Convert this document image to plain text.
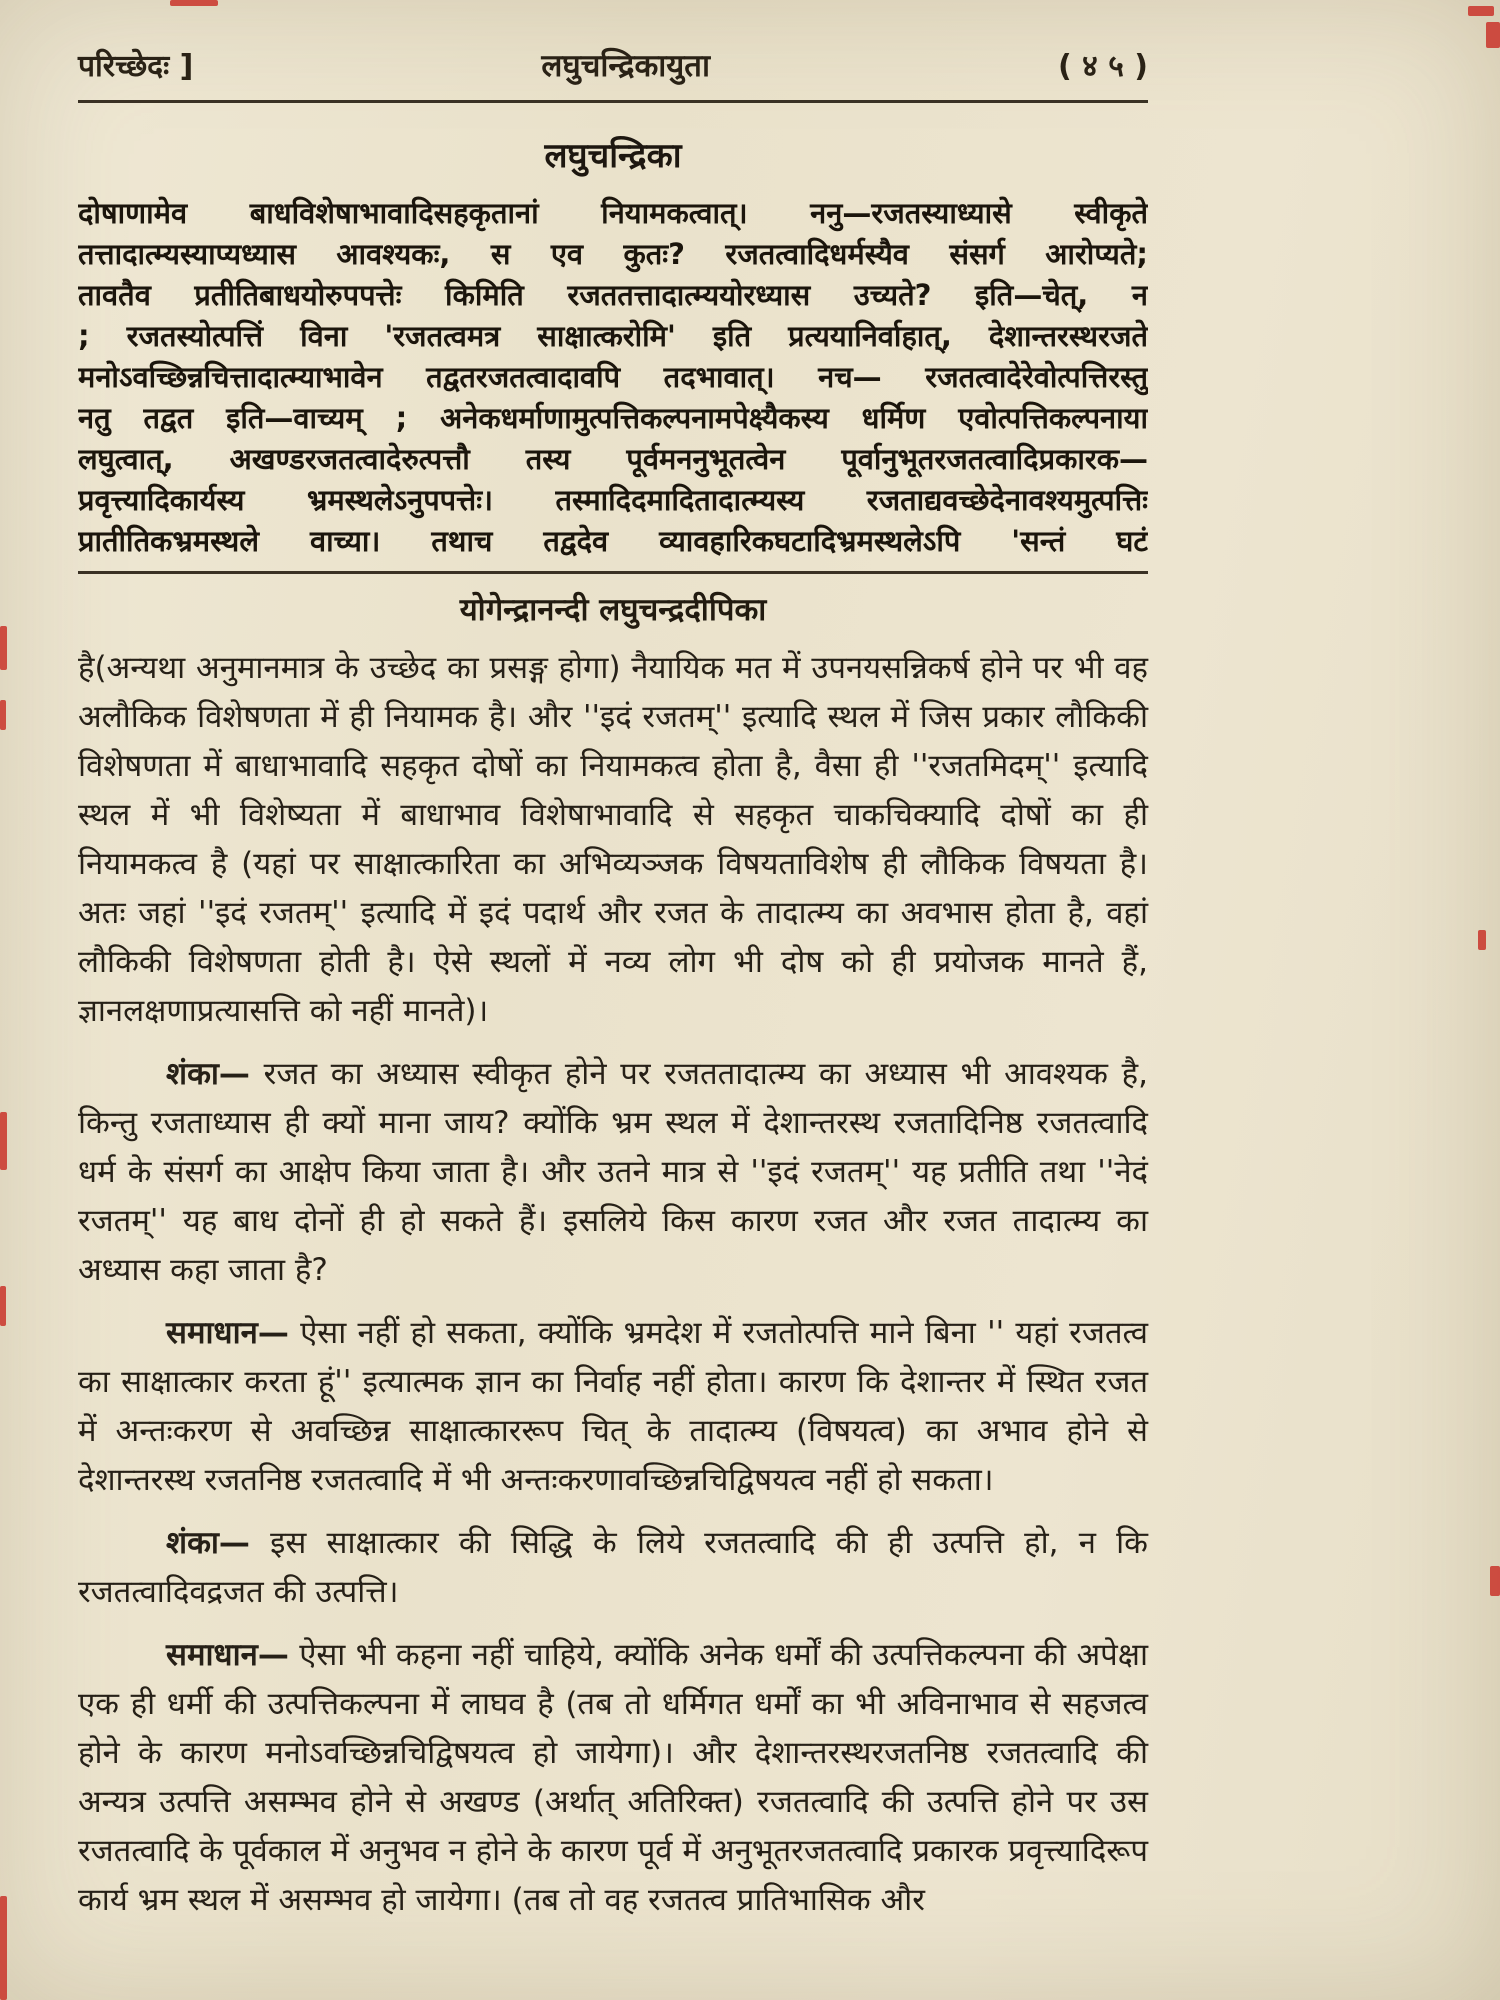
परिच्छेदः ]	लघुचन्द्रिकायुता	( ४ ५ )
लघुचन्द्रिका
दोषाणामेव बाधविशेषाभावादिसहकृतानां नियामकत्वात्। ननु—रजतस्याध्यासे स्वीकृते
तत्तादात्म्यस्याप्यध्यास आवश्यकः, स एव कुतः? रजतत्वादिधर्मस्यैव संसर्ग आरोप्यते;
तावतैव प्रतीतिबाधयोरुपपत्तेः किमिति रजततत्तादात्म्ययोरध्यास उच्यते? इति—चेत्, न
; रजतस्योत्पत्तिं विना 'रजतत्वमत्र साक्षात्करोमि' इति प्रत्ययानिर्वाहात्, देशान्तरस्थरजते
मनोऽवच्छिन्नचित्तादात्म्याभावेन तद्वतरजतत्वादावपि तदभावात्। नच— रजतत्वादेरेवोत्पत्तिरस्तु
नतु तद्वत इति—वाच्यम् ; अनेकधर्माणामुत्पत्तिकल्पनामपेक्ष्यैकस्य धर्मिण एवोत्पत्तिकल्पनाया
लघुत्वात्, अखण्डरजतत्वादेरुत्पत्तौ तस्य पूर्वमननुभूतत्वेन पूर्वानुभूतरजतत्वादिप्रकारक—
प्रवृत्त्यादिकार्यस्य भ्रमस्थलेऽनुपपत्तेः। तस्मादिदमादितादात्म्यस्य रजताद्यवच्छेदेनावश्यमुत्पत्तिः
प्रातीतिकभ्रमस्थले वाच्या। तथाच तद्वदेव व्यावहारिकघटादिभ्रमस्थलेऽपि 'सन्तं घटं
योगेन्द्रानन्दी लघुचन्द्रदीपिका

है(अन्यथा अनुमानमात्र के उच्छेद का प्रसङ्ग होगा) नैयायिक मत में उपनयसन्निकर्ष होने पर भी वह अलौकिक विशेषणता में ही नियामक है। और ''इदं रजतम्'' इत्यादि स्थल में जिस प्रकार लौकिकी विशेषणता में बाधाभावादि सहकृत दोषों का नियामकत्व होता है, वैसा ही ''रजतमिदम्'' इत्यादि स्थल में भी विशेष्यता में बाधाभाव विशेषाभावादि से सहकृत चाकचिक्यादि दोषों का ही नियामकत्व है (यहां पर साक्षात्कारिता का अभिव्यञ्जक विषयताविशेष ही लौकिक विषयता है। अतः जहां ''इदं रजतम्'' इत्यादि में इदं पदार्थ और रजत के तादात्म्य का अवभास होता है, वहां लौकिकी विशेषणता होती है। ऐसे स्थलों में नव्य लोग भी दोष को ही प्रयोजक मानते हैं, ज्ञानलक्षणाप्रत्यासत्ति को नहीं मानते)।

शंका— रजत का अध्यास स्वीकृत होने पर रजततादात्म्य का अध्यास भी आवश्यक है, किन्तु रजताध्यास ही क्यों माना जाय? क्योंकि भ्रम स्थल में देशान्तरस्थ रजतादिनिष्ठ रजतत्वादि धर्म के संसर्ग का आक्षेप किया जाता है। और उतने मात्र से ''इदं रजतम्'' यह प्रतीति तथा ''नेदं रजतम्'' यह बाध दोनों ही हो सकते हैं। इसलिये किस कारण रजत और रजत तादात्म्य का अध्यास कहा जाता है?

समाधान— ऐसा नहीं हो सकता, क्योंकि भ्रमदेश में रजतोत्पत्ति माने बिना '' यहां रजतत्व का साक्षात्कार करता हूं'' इत्यात्मक ज्ञान का निर्वाह नहीं होता। कारण कि देशान्तर में स्थित रजत में अन्तःकरण से अवच्छिन्न साक्षात्काररूप चित् के तादात्म्य (विषयत्व) का अभाव होने से देशान्तरस्थ रजतनिष्ठ रजतत्वादि में भी अन्तःकरणावच्छिन्नचिद्विषयत्व नहीं हो सकता।

शंका— इस साक्षात्कार की सिद्धि के लिये रजतत्वादि की ही उत्पत्ति हो, न कि रजतत्वादिवद्रजत की उत्पत्ति।

समाधान— ऐसा भी कहना नहीं चाहिये, क्योंकि अनेक धर्मों की उत्पत्तिकल्पना की अपेक्षा एक ही धर्मी की उत्पत्तिकल्पना में लाघव है (तब तो धर्मिगत धर्मों का भी अविनाभाव से सहजत्व होने के कारण मनोऽवच्छिन्नचिद्विषयत्व हो जायेगा)। और देशान्तरस्थरजतनिष्ठ रजतत्वादि की अन्यत्र उत्पत्ति असम्भव होने से अखण्ड (अर्थात् अतिरिक्त) रजतत्वादि की उत्पत्ति होने पर उस रजतत्वादि के पूर्वकाल में अनुभव न होने के कारण पूर्व में अनुभूतरजतत्वादि प्रकारक प्रवृत्त्यादिरूप कार्य भ्रम स्थल में असम्भव हो जायेगा। (तब तो वह रजतत्व प्रातिभासिक और
